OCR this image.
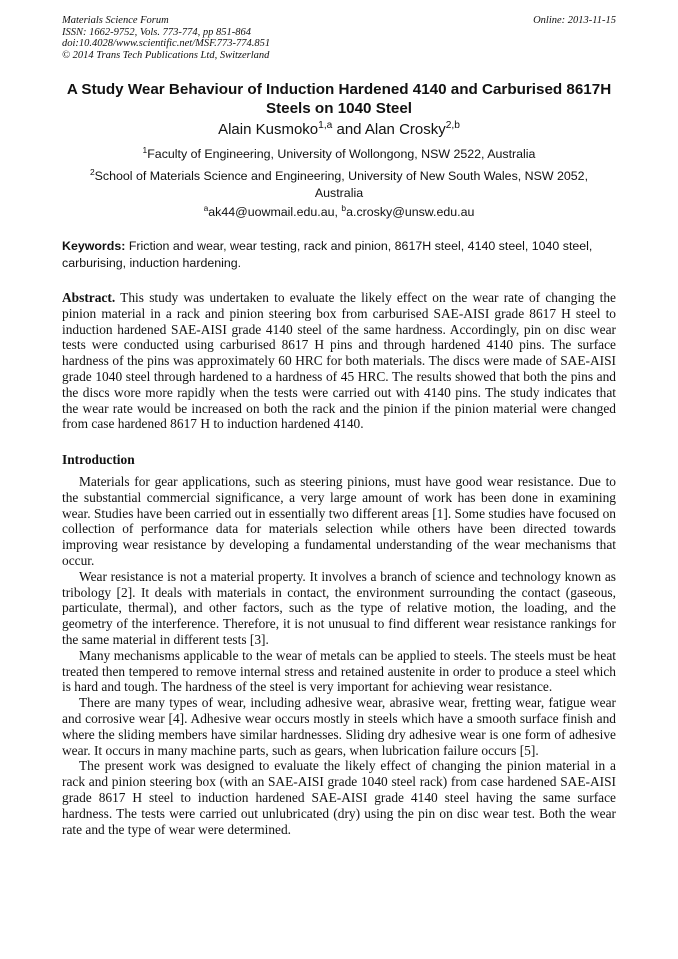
Materials Science Forum
ISSN: 1662-9752, Vols. 773-774, pp 851-864
doi:10.4028/www.scientific.net/MSF.773-774.851
© 2014 Trans Tech Publications Ltd, Switzerland
Online: 2013-11-15
A Study Wear Behaviour of Induction Hardened 4140 and Carburised 8617H Steels on 1040 Steel
Alain Kusmoko$^{1,a}$ and Alan Crosky$^{2,b}$
$^1$Faculty of Engineering, University of Wollongong, NSW 2522, Australia
$^2$School of Materials Science and Engineering, University of New South Wales, NSW 2052, Australia
$^a$ak44@uowmail.edu.au, $^b$a.crosky@unsw.edu.au
Keywords: Friction and wear, wear testing, rack and pinion, 8617H steel, 4140 steel, 1040 steel, carburising, induction hardening.
Abstract. This study was undertaken to evaluate the likely effect on the wear rate of changing the pinion material in a rack and pinion steering box from carburised SAE-AISI grade 8617 H steel to induction hardened SAE-AISI grade 4140 steel of the same hardness. Accordingly, pin on disc wear tests were conducted using carburised 8617 H pins and through hardened 4140 pins. The surface hardness of the pins was approximately 60 HRC for both materials. The discs were made of SAE-AISI grade 1040 steel through hardened to a hardness of 45 HRC. The results showed that both the pins and the discs wore more rapidly when the tests were carried out with 4140 pins. The study indicates that the wear rate would be increased on both the rack and the pinion if the pinion material were changed from case hardened 8617 H to induction hardened 4140.
Introduction

Materials for gear applications, such as steering pinions, must have good wear resistance. Due to the substantial commercial significance, a very large amount of work has been done in examining wear. Studies have been carried out in essentially two different areas [1]. Some studies have focused on collection of performance data for materials selection while others have been directed towards improving wear resistance by developing a fundamental understanding of the wear mechanisms that occur.

Wear resistance is not a material property. It involves a branch of science and technology known as tribology [2]. It deals with materials in contact, the environment surrounding the contact (gaseous, particulate, thermal), and other factors, such as the type of relative motion, the loading, and the geometry of the interference. Therefore, it is not unusual to find different wear resistance rankings for the same material in different tests [3].

Many mechanisms applicable to the wear of metals can be applied to steels. The steels must be heat treated then tempered to remove internal stress and retained austenite in order to produce a steel which is hard and tough. The hardness of the steel is very important for achieving wear resistance.

There are many types of wear, including adhesive wear, abrasive wear, fretting wear, fatigue wear and corrosive wear [4]. Adhesive wear occurs mostly in steels which have a smooth surface finish and where the sliding members have similar hardnesses. Sliding dry adhesive wear is one form of adhesive wear. It occurs in many machine parts, such as gears, when lubrication failure occurs [5].

The present work was designed to evaluate the likely effect of changing the pinion material in a rack and pinion steering box (with an SAE-AISI grade 1040 steel rack) from case hardened SAE-AISI grade 8617 H steel to induction hardened SAE-AISI grade 4140 steel having the same surface hardness. The tests were carried out unlubricated (dry) using the pin on disc wear test. Both the wear rate and the type of wear were determined.
